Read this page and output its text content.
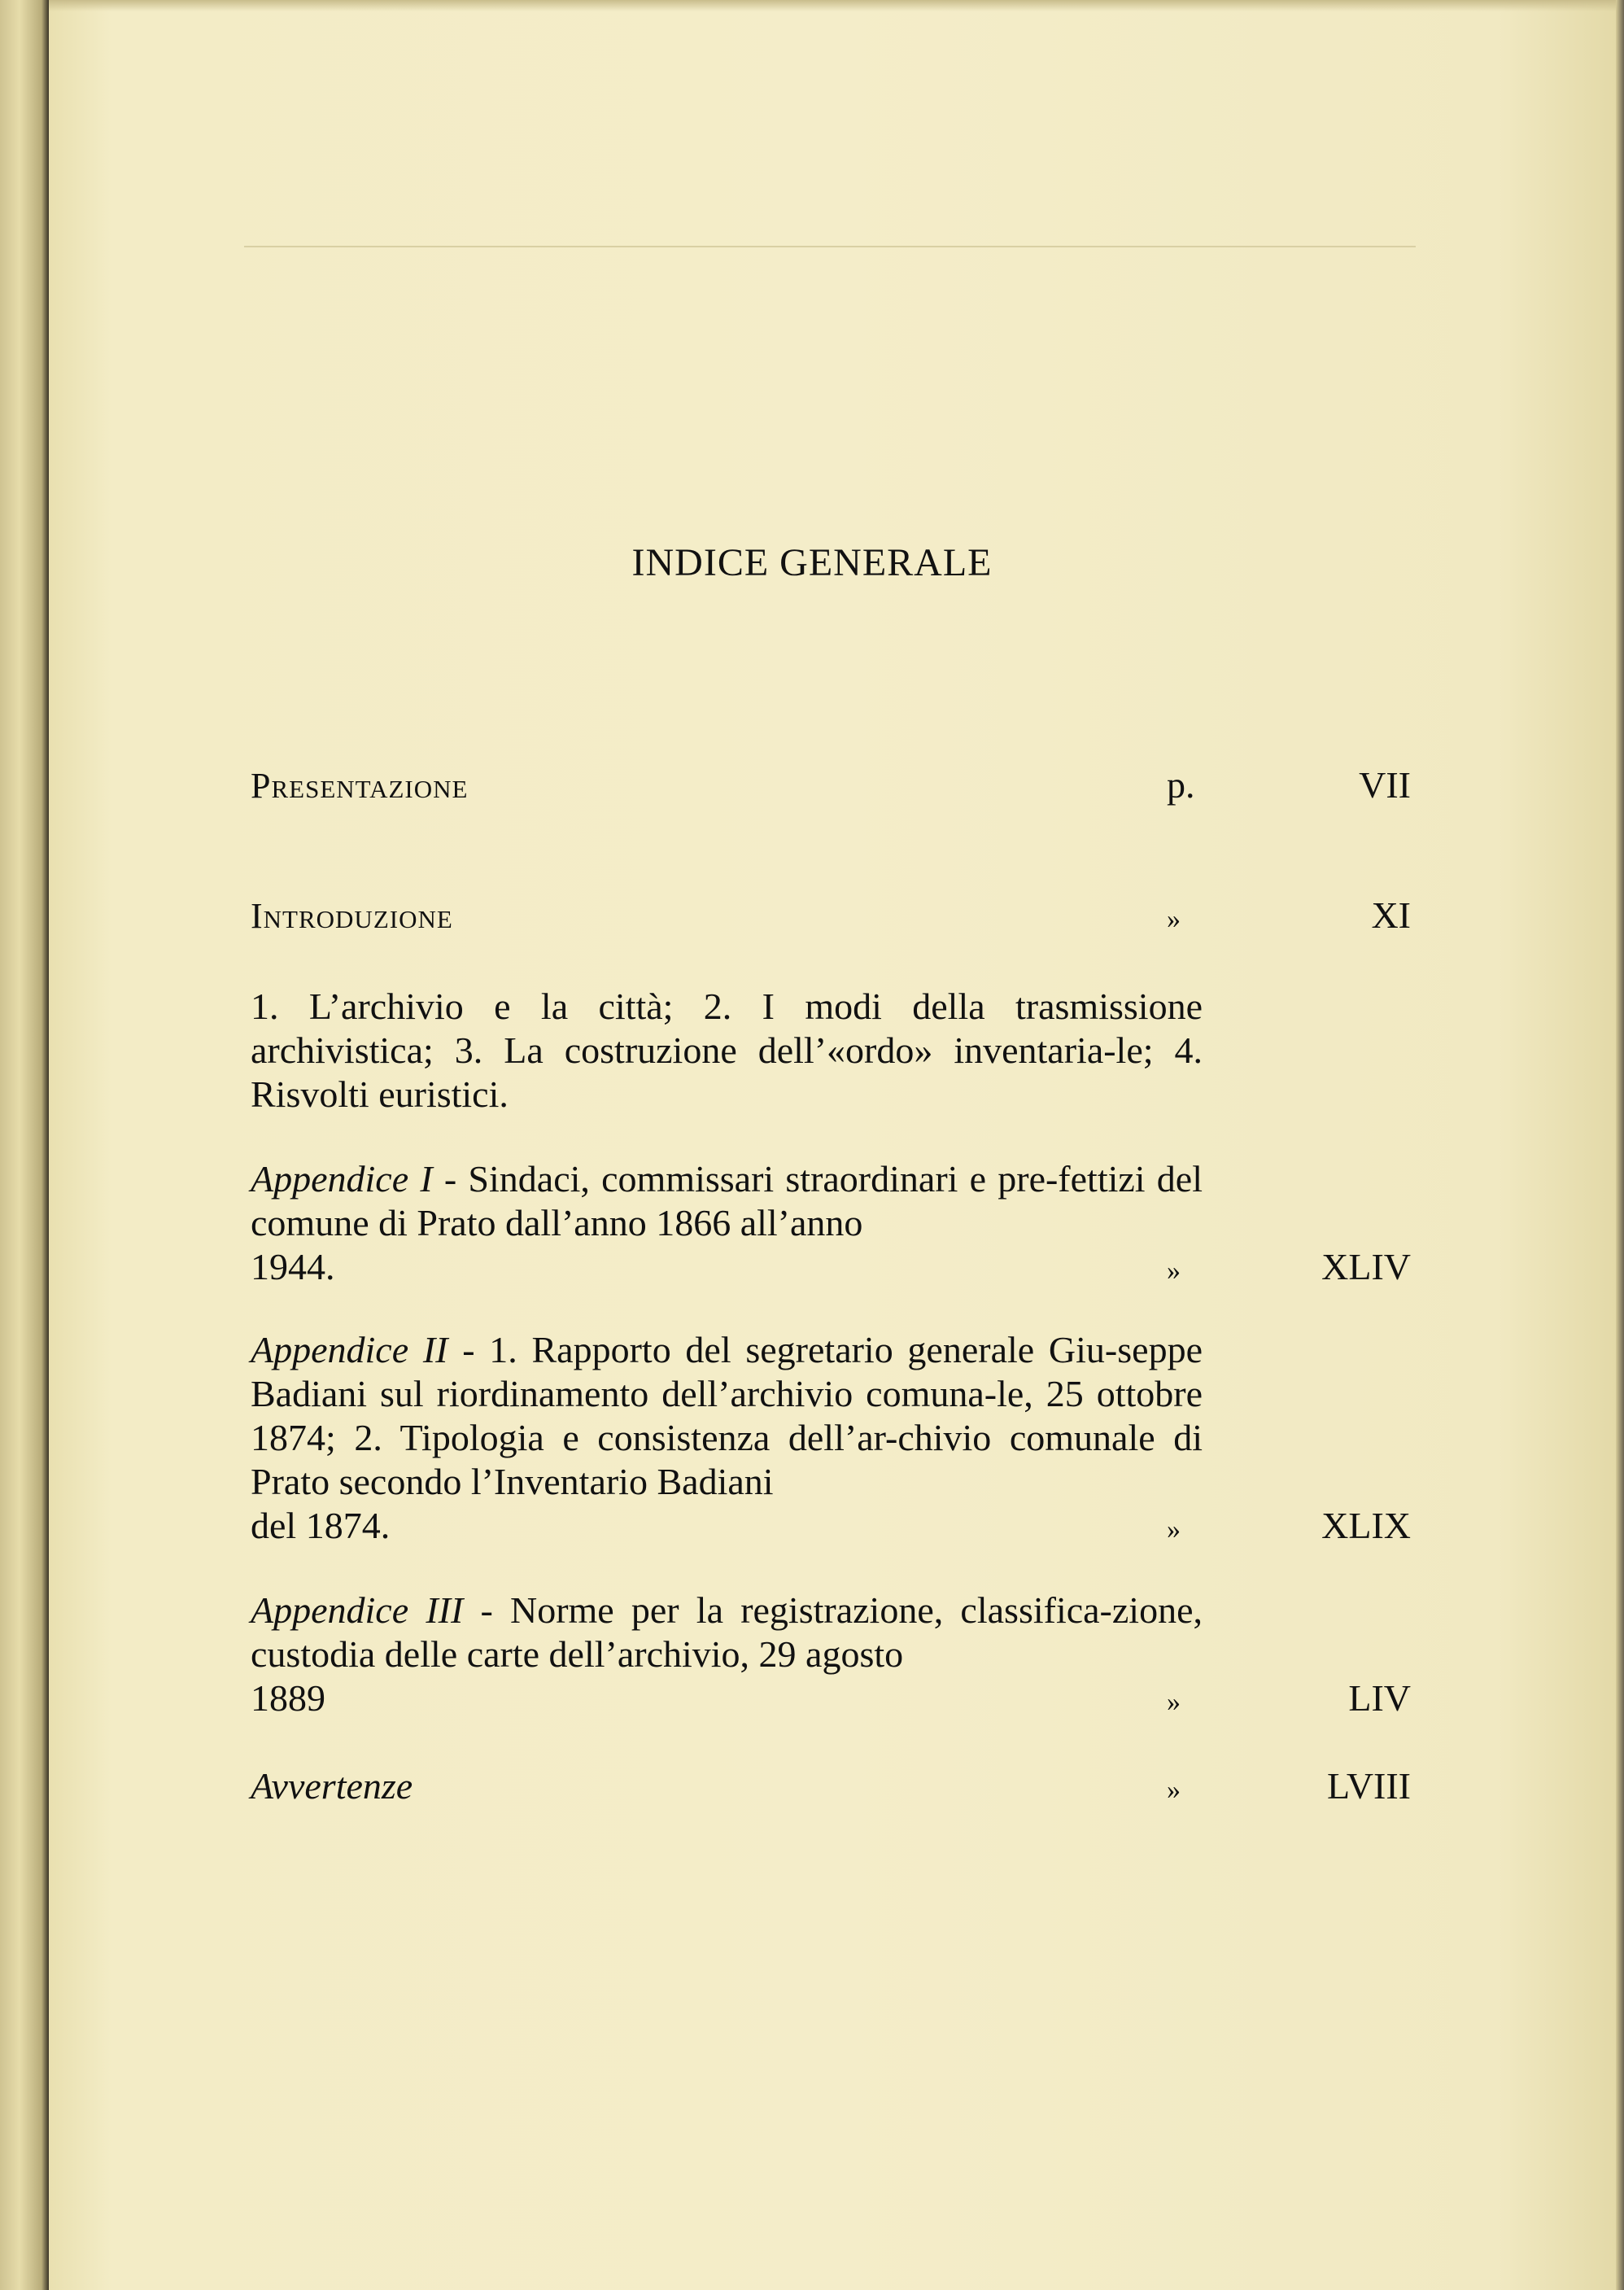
INDICE GENERALE
Presentazione	p.	VII
Introduzione	»	XI
1. L’archivio e la città; 2. I modi della trasmissione archivistica; 3. La costruzione dell’«ordo» inventaria-le; 4. Risvolti euristici.
Appendice I - Sindaci, commissari straordinari e pre-fettizi del comune di Prato dall’anno 1866 all’anno
1944.	»	XLIV
Appendice II - 1. Rapporto del segretario generale Giu-seppe Badiani sul riordinamento dell’archivio comuna-le, 25 ottobre 1874; 2. Tipologia e consistenza dell’ar-chivio comunale di Prato secondo l’Inventario Badiani
del 1874.	»	XLIX
Appendice III - Norme per la registrazione, classifica-zione, custodia delle carte dell’archivio, 29 agosto
1889	»	LIV
Avvertenze	»	LVIII
